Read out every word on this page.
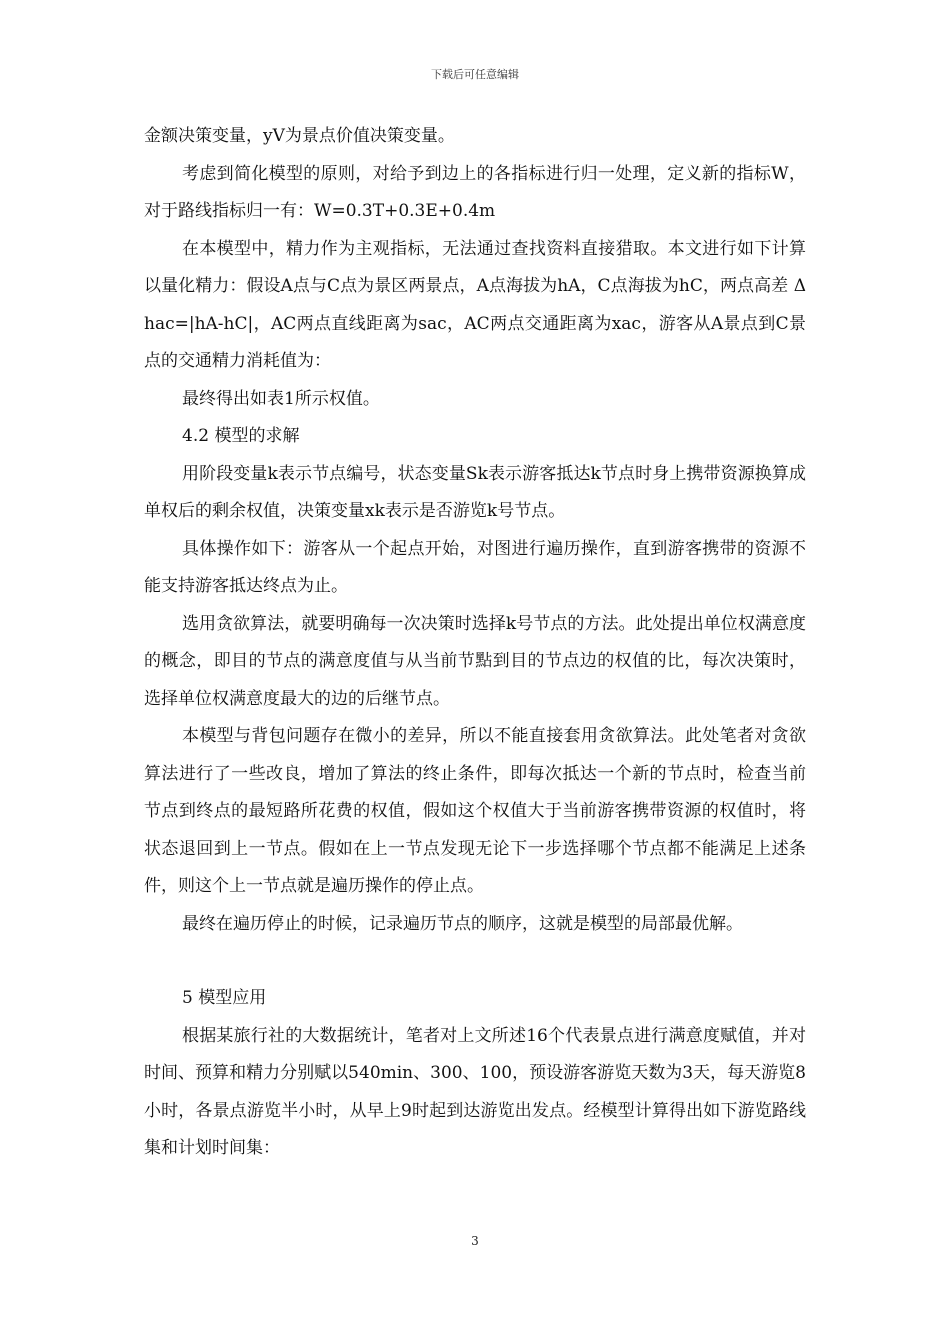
下载后可任意编辑

金额决策变量，yV为景点价值决策变量。

考虑到简化模型的原则，对给予到边上的各指标进行归一处理，定义新的指标W，对于路线指标归一有：W=0.3T+0.3E+0.4m

在本模型中，精力作为主观指标，无法通过查找资料直接猎取。本文进行如下计算以量化精力：假设A点与C点为景区两景点，A点海拔为hA，C点海拔为hC，两点高差 Δhac=|hA-hC|，AC两点直线距离为sac，AC两点交通距离为xac，游客从A景点到C景点的交通精力消耗值为：

最终得出如表1所示权值。

4.2 模型的求解

用阶段变量k表示节点编号，状态变量Sk表示游客抵达k节点时身上携带资源换算成单权后的剩余权值，决策变量xk表示是否游览k号节点。

具体操作如下：游客从一个起点开始，对图进行遍历操作，直到游客携带的资源不能支持游客抵达终点为止。

选用贪欲算法，就要明确每一次决策时选择k号节点的方法。此处提出单位权满意度的概念，即目的节点的满意度值与从当前节點到目的节点边的权值的比，每次决策时，选择单位权满意度最大的边的后继节点。

本模型与背包问题存在微小的差异，所以不能直接套用贪欲算法。此处笔者对贪欲算法进行了一些改良，增加了算法的终止条件，即每次抵达一个新的节点时，检查当前节点到终点的最短路所花费的权值，假如这个权值大于当前游客携带资源的权值时，将状态退回到上一节点。假如在上一节点发现无论下一步选择哪个节点都不能满足上述条件，则这个上一节点就是遍历操作的停止点。

最终在遍历停止的时候，记录遍历节点的顺序，这就是模型的局部最优解。

5 模型应用

根据某旅行社的大数据统计，笔者对上文所述16个代表景点进行满意度赋值，并对时间、预算和精力分别赋以540min、300、100，预设游客游览天数为3天，每天游览8小时，各景点游览半小时，从早上9时起到达游览出发点。经模型计算得出如下游览路线集和计划时间集：

3
